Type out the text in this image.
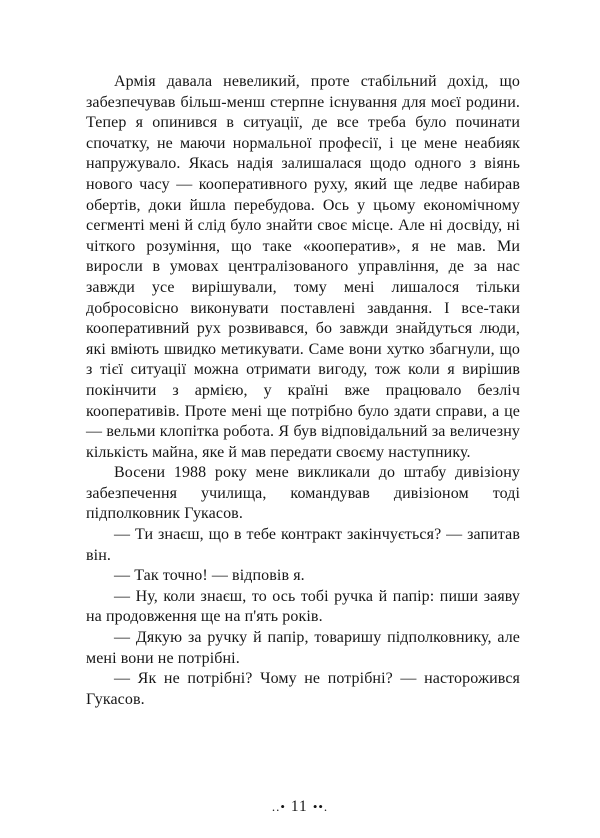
Армія давала невеликий, проте стабільний дохід, що забезпечував більш-менш стерпне існування для моєї родини. Тепер я опинився в ситуації, де все треба було починати спочатку, не маючи нормальної професії, і це мене неабияк напружувало. Якась надія залишалася щодо одного з віянь нового часу — кооперативного руху, який ще ледве набирав обертів, доки йшла перебудова. Ось у цьому економічному сегменті мені й слід було знайти своє місце. Але ні досвіду, ні чіткого розуміння, що таке «кооператив», я не мав. Ми виросли в умовах централізованого управління, де за нас завжди усе вирішували, тому мені лишалося тільки добросовісно виконувати поставлені завдання. І все-таки кооперативний рух розвивався, бо завжди знайдуться люди, які вміють швидко метикувати. Саме вони хутко збагнули, що з тієї ситуації можна отримати вигоду, тож коли я вирішив покінчити з армією, у країні вже працювало безліч кооперативів. Проте мені ще потрібно було здати справи, а це — вельми клопітка робота. Я був відповідальний за величезну кількість майна, яке й мав передати своєму наступнику.

Восени 1988 року мене викликали до штабу дивізіону забезпечення училища, командував дивізіоном тоді підполковник Гукасов.

— Ти знаєш, що в тебе контракт закінчується? — запитав він.

— Так точно! — відповів я.

— Ну, коли знаєш, то ось тобі ручка й папір: пиши заяву на продовження ще на п'ять років.

— Дякую за ручку й папір, товаришу підполковнику, але мені вони не потрібні.

— Як не потрібні? Чому не потрібні? — насторожився Гукасов.

..• 11 ••.
